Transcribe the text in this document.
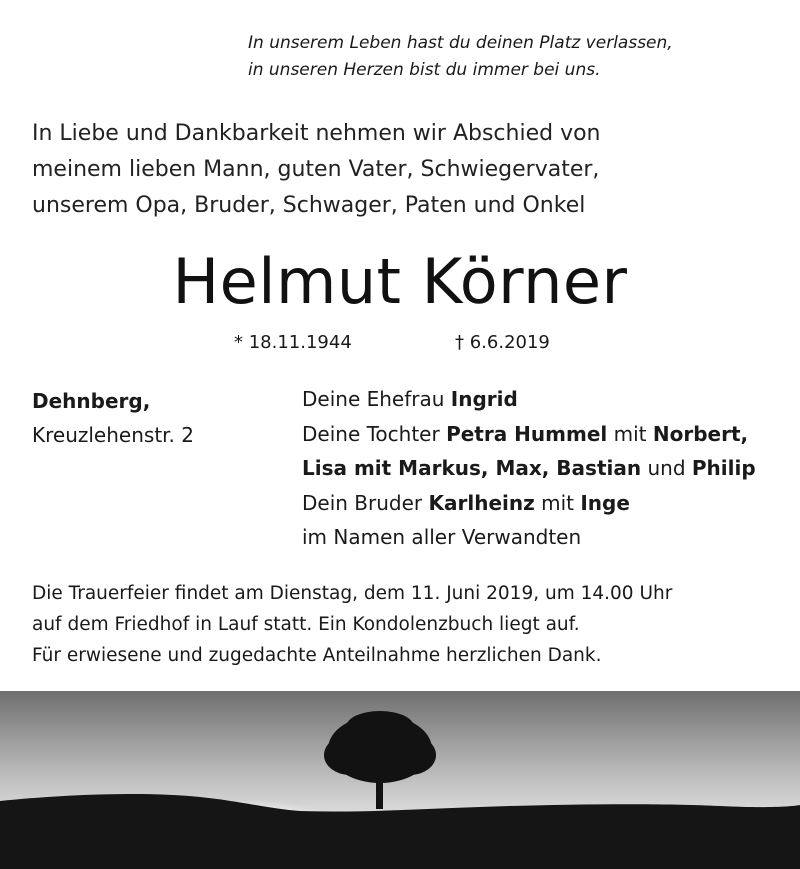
In unserem Leben hast du deinen Platz verlassen,
in unseren Herzen bist du immer bei uns.
In Liebe und Dankbarkeit nehmen wir Abschied von
meinem lieben Mann, guten Vater, Schwiegervater,
unserem Opa, Bruder, Schwager, Paten und Onkel
Helmut Körner
* 18.11.1944	† 6.6.2019
Dehnberg,
Kreuzlehenstr. 2
Deine Ehefrau Ingrid
Deine Tochter Petra Hummel mit Norbert,
Lisa mit Markus, Max, Bastian und Philip
Dein Bruder Karlheinz mit Inge
im Namen aller Verwandten
Die Trauerfeier findet am Dienstag, dem 11. Juni 2019, um 14.00 Uhr
auf dem Friedhof in Lauf statt. Ein Kondolenzbuch liegt auf.
Für erwiesene und zugedachte Anteilnahme herzlichen Dank.
